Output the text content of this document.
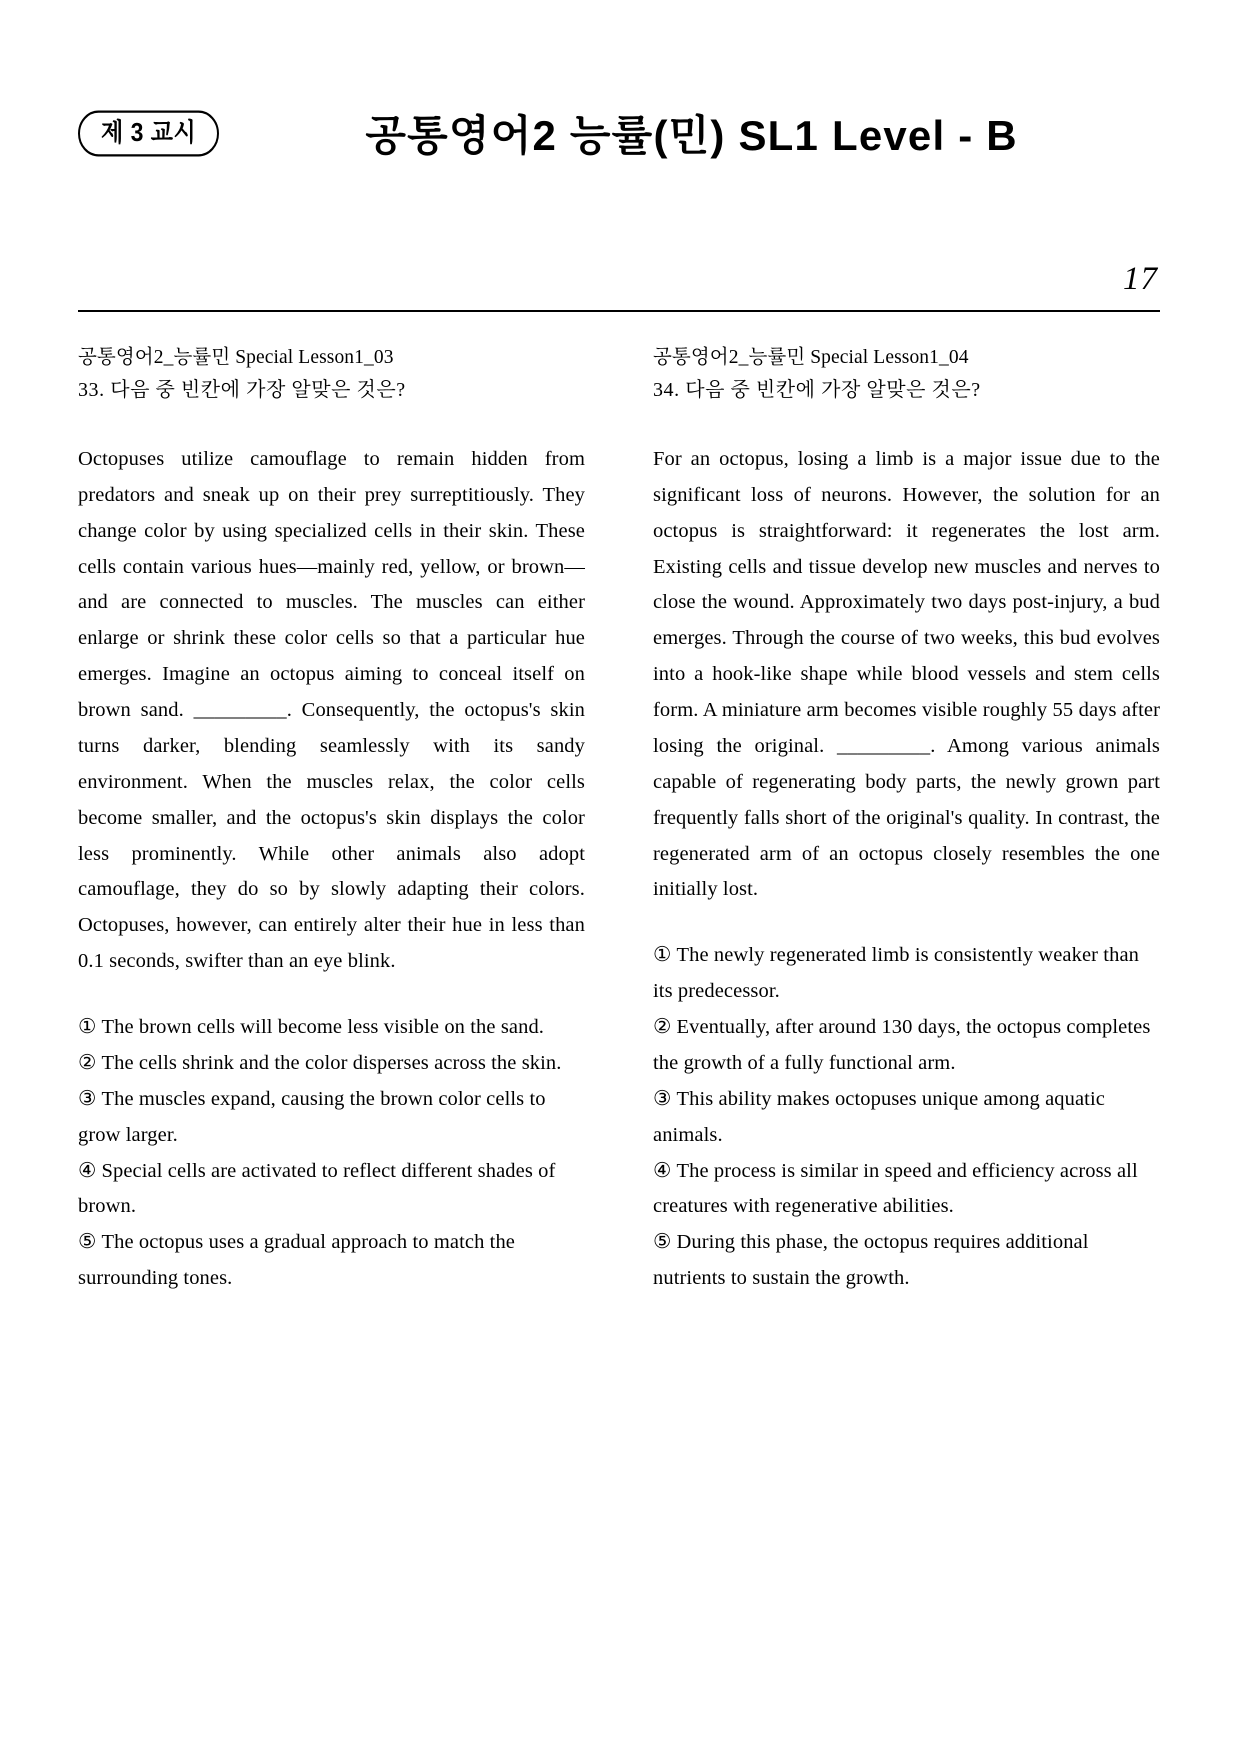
제 3 교시	공통영어2 능률(민) SL1 Level - B
17
공통영어2_능률민 Special Lesson1_03
33. 다음 중 빈칸에 가장 알맞은 것은?
Octopuses utilize camouflage to remain hidden from predators and sneak up on their prey surreptitiously. They change color by using specialized cells in their skin. These cells contain various hues—mainly red, yellow, or brown—and are connected to muscles. The muscles can either enlarge or shrink these color cells so that a particular hue emerges. Imagine an octopus aiming to conceal itself on brown sand. _________. Consequently, the octopus's skin turns darker, blending seamlessly with its sandy environment. When the muscles relax, the color cells become smaller, and the octopus's skin displays the color less prominently. While other animals also adopt camouflage, they do so by slowly adapting their colors. Octopuses, however, can entirely alter their hue in less than 0.1 seconds, swifter than an eye blink.
① The brown cells will become less visible on the sand.
② The cells shrink and the color disperses across the skin.
③ The muscles expand, causing the brown color cells to grow larger.
④ Special cells are activated to reflect different shades of brown.
⑤ The octopus uses a gradual approach to match the surrounding tones.
공통영어2_능률민 Special Lesson1_04
34. 다음 중 빈칸에 가장 알맞은 것은?
For an octopus, losing a limb is a major issue due to the significant loss of neurons. However, the solution for an octopus is straightforward: it regenerates the lost arm. Existing cells and tissue develop new muscles and nerves to close the wound. Approximately two days post-injury, a bud emerges. Through the course of two weeks, this bud evolves into a hook-like shape while blood vessels and stem cells form. A miniature arm becomes visible roughly 55 days after losing the original. _________. Among various animals capable of regenerating body parts, the newly grown part frequently falls short of the original's quality. In contrast, the regenerated arm of an octopus closely resembles the one initially lost.
① The newly regenerated limb is consistently weaker than its predecessor.
② Eventually, after around 130 days, the octopus completes the growth of a fully functional arm.
③ This ability makes octopuses unique among aquatic animals.
④ The process is similar in speed and efficiency across all creatures with regenerative abilities.
⑤ During this phase, the octopus requires additional nutrients to sustain the growth.
